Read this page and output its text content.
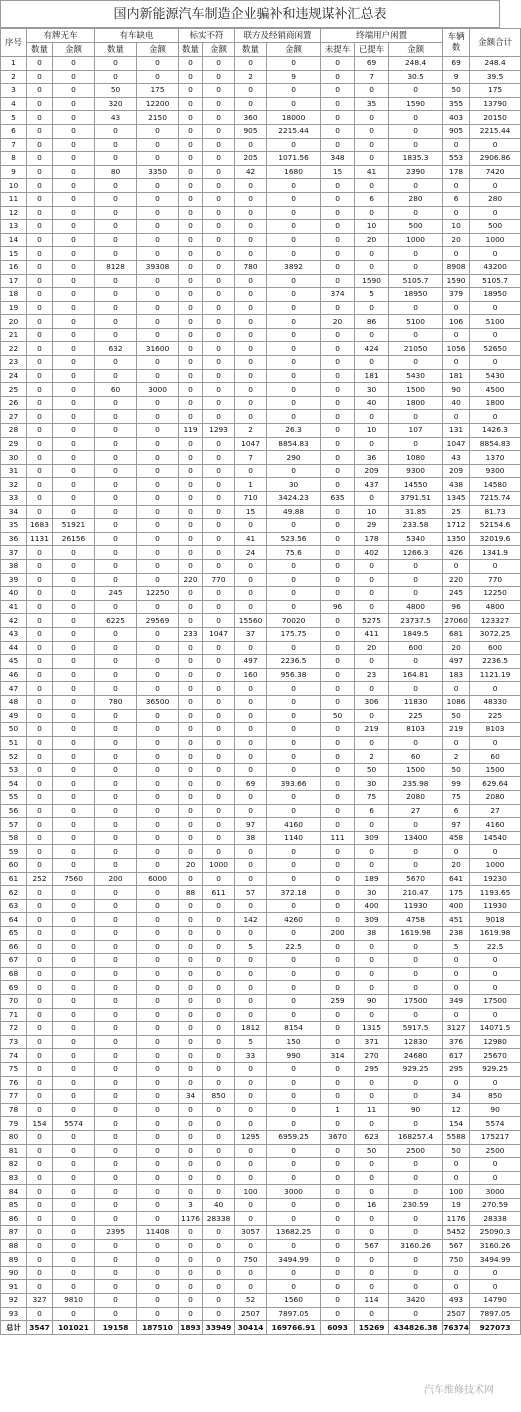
国内新能源汽车制造企业骗补和违规谋补汇总表
序号	有牌无车		有车缺电		标实不符		联方及经销商闲置		终端用户闲置			车辆数	金额合计
	数量	金额	数量	金额	数量	金额	数量	金额	未提车	已提车	金额		
1	0	0	0	0	0	0	0	0	0	69	248.4	69	248.4
2	0	0	0	0	0	0	2	9	0	7	30.5	9	39.5
3	0	0	50	175	0	0	0	0	0	0	0	50	175
4	0	0	320	12200	0	0	0	0	0	35	1590	355	13790
5	0	0	43	2150	0	0	360	18000	0	0	0	403	20150
6	0	0	0	0	0	0	905	2215.44	0	0	0	905	2215.44
7	0	0	0	0	0	0	0	0	0	0	0	0	0
8	0	0	0	0	0	0	205	1071.56	348	0	1835.3	553	2906.86
9	0	0	80	3350	0	0	42	1680	15	41	2390	178	7420
10	0	0	0	0	0	0	0	0	0	0	0	0	0
11	0	0	0	0	0	0	0	0	0	6	280	6	280
12	0	0	0	0	0	0	0	0	0	0	0	0	0
13	0	0	0	0	0	0	0	0	0	10	500	10	500
14	0	0	0	0	0	0	0	0	0	20	1000	20	1000
15	0	0	0	0	0	0	0	0	0	0	0	0	0
16	0	0	8128	39308	0	0	780	3892	0	0	0	8908	43200
17	0	0	0	0	0	0	0	0	0	1590	5105.7	1590	5105.7
18	0	0	0	0	0	0	0	0	374	5	18950	379	18950
19	0	0	0	0	0	0	0	0	0	0	0	0	0
20	0	0	0	0	0	0	0	0	20	86	5100	106	5100
21	0	0	0	0	0	0	0	0	0	0	0	0	0
22	0	0	632	31600	0	0	0	0	0	424	21050	1056	52650
23	0	0	0	0	0	0	0	0	0	0	0	0	0
24	0	0	0	0	0	0	0	0	0	181	5430	181	5430
25	0	0	60	3000	0	0	0	0	0	30	1500	90	4500
26	0	0	0	0	0	0	0	0	0	40	1800	40	1800
27	0	0	0	0	0	0	0	0	0	0	0	0	0
28	0	0	0	0	119	1293	2	26.3	0	10	107	131	1426.3
29	0	0	0	0	0	0	1047	8854.83	0	0	0	1047	8854.83
30	0	0	0	0	0	0	7	290	0	36	1080	43	1370
31	0	0	0	0	0	0	0	0	0	209	9300	209	9300
32	0	0	0	0	0	0	1	30	0	437	14550	438	14580
33	0	0	0	0	0	0	710	3424.23	635	0	3791.51	1345	7215.74
34	0	0	0	0	0	0	15	49.88	0	10	31.85	25	81.73
35	1683	51921	0	0	0	0	0	0	0	29	233.58	1712	52154.6
36	1131	26156	0	0	0	0	41	523.56	0	178	5340	1350	32019.6
37	0	0	0	0	0	0	24	75.6	0	402	1266.3	426	1341.9
38	0	0	0	0	0	0	0	0	0	0	0	0	0
39	0	0	0	0	220	770	0	0	0	0	0	220	770
40	0	0	245	12250	0	0	0	0	0	0	0	245	12250
41	0	0	0	0	0	0	0	0	96	0	4800	96	4800
42	0	0	6225	29569	0	0	15560	70020	0	5275	23737.5	27060	123327
43	0	0	0	0	233	1047	37	175.75	0	411	1849.5	681	3072.25
44	0	0	0	0	0	0	0	0	0	20	600	20	600
45	0	0	0	0	0	0	497	2236.5	0	0	0	497	2236.5
46	0	0	0	0	0	0	160	956.38	0	23	164.81	183	1121.19
47	0	0	0	0	0	0	0	0	0	0	0	0	0
48	0	0	780	36500	0	0	0	0	0	306	11830	1086	48330
49	0	0	0	0	0	0	0	0	50	0	225	50	225
50	0	0	0	0	0	0	0	0	0	219	8103	219	8103
51	0	0	0	0	0	0	0	0	0	0	0	0	0
52	0	0	0	0	0	0	0	0	0	2	60	2	60
53	0	0	0	0	0	0	0	0	0	50	1500	50	1500
54	0	0	0	0	0	0	69	393.66	0	30	235.98	99	629.64
55	0	0	0	0	0	0	0	0	0	75	2080	75	2080
56	0	0	0	0	0	0	0	0	0	6	27	6	27
57	0	0	0	0	0	0	97	4160	0	0	0	97	4160
58	0	0	0	0	0	0	38	1140	111	309	13400	458	14540
59	0	0	0	0	0	0	0	0	0	0	0	0	0
60	0	0	0	0	20	1000	0	0	0	0	0	20	1000
61	252	7560	200	6000	0	0	0	0	0	189	5670	641	19230
62	0	0	0	0	88	611	57	372.18	0	30	210.47	175	1193.65
63	0	0	0	0	0	0	0	0	0	400	11930	400	11930
64	0	0	0	0	0	0	142	4260	0	309	4758	451	9018
65	0	0	0	0	0	0	0	0	200	38	1619.98	238	1619.98
66	0	0	0	0	0	0	5	22.5	0	0	0	5	22.5
67	0	0	0	0	0	0	0	0	0	0	0	0	0
68	0	0	0	0	0	0	0	0	0	0	0	0	0
69	0	0	0	0	0	0	0	0	0	0	0	0	0
70	0	0	0	0	0	0	0	0	259	90	17500	349	17500
71	0	0	0	0	0	0	0	0	0	0	0	0	0
72	0	0	0	0	0	0	1812	8154	0	1315	5917.5	3127	14071.5
73	0	0	0	0	0	0	5	150	0	371	12830	376	12980
74	0	0	0	0	0	0	33	990	314	270	24680	617	25670
75	0	0	0	0	0	0	0	0	0	295	929.25	295	929.25
76	0	0	0	0	0	0	0	0	0	0	0	0	0
77	0	0	0	0	34	850	0	0	0	0	0	34	850
78	0	0	0	0	0	0	0	0	1	11	90	12	90
79	154	5574	0	0	0	0	0	0	0	0	0	154	5574
80	0	0	0	0	0	0	1295	6959.25	3670	623	168257.4	5588	175217
81	0	0	0	0	0	0	0	0	0	50	2500	50	2500
82	0	0	0	0	0	0	0	0	0	0	0	0	0
83	0	0	0	0	0	0	0	0	0	0	0	0	0
84	0	0	0	0	0	0	100	3000	0	0	0	100	3000
85	0	0	0	0	3	40	0	0	0	16	230.59	19	270.59
86	0	0	0	0	1176	28338	0	0	0	0	0	1176	28338
87	0	0	2395	11408	0	0	3057	13682.25	0	0	0	5452	25090.3
88	0	0	0	0	0	0	0	0	0	567	3160.26	567	3160.26
89	0	0	0	0	0	0	750	3494.99	0	0	0	750	3494.99
90	0	0	0	0	0	0	0	0	0	0	0	0	0
91	0	0	0	0	0	0	0	0	0	0	0	0	0
92	327	9810	0	0	0	0	52	1560	0	114	3420	493	14790
93	0	0	0	0	0	0	2507	7897.05	0	0	0	2507	7897.05
总计	3547	101021	19158	187510	1893	33949	30414	169766.91	6093	15269	434826.38	76374	927073
汽车维修技术网
